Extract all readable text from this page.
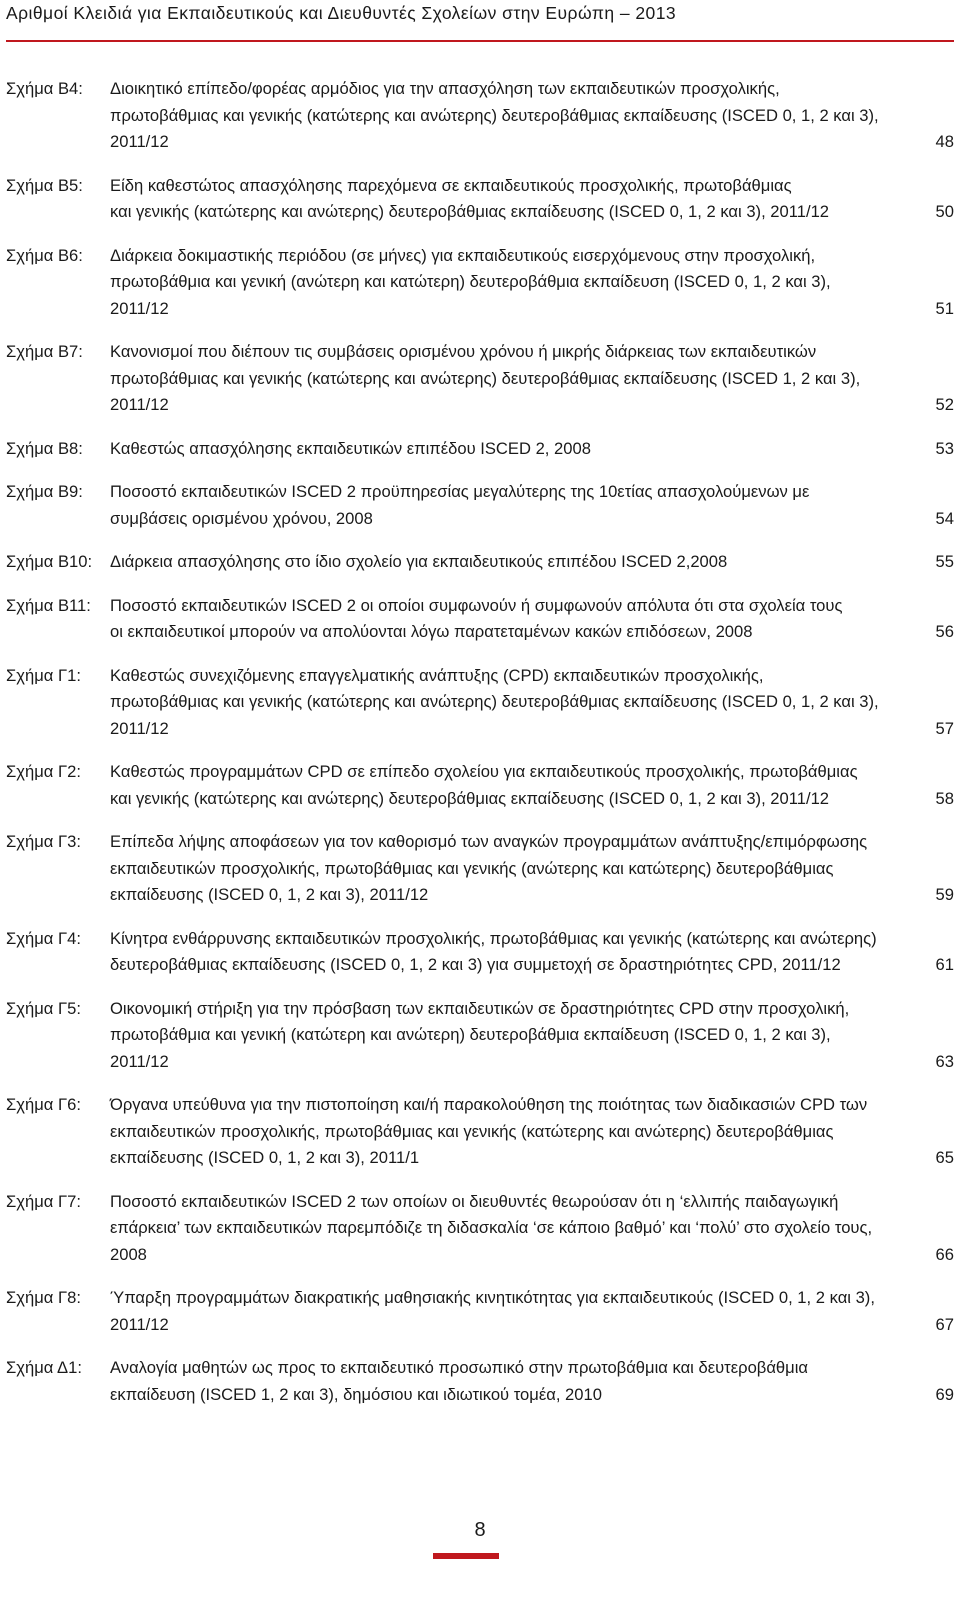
Αριθμοί Κλειδιά για Εκπαιδευτικούς και Διευθυντές Σχολείων στην Ευρώπη – 2013
Σχήμα Β4:	Διοικητικό επίπεδο/φορέας αρμόδιος για την απασχόληση των εκπαιδευτικών προσχολικής,
πρωτοβάθμιας και γενικής (κατώτερης και ανώτερης) δευτεροβάθμιας εκπαίδευσης (ISCED 0, 1, 2 και 3),
2011/12	48
Σχήμα Β5:	Είδη καθεστώτος απασχόλησης παρεχόμενα σε εκπαιδευτικούς προσχολικής, πρωτοβάθμιας
και γενικής (κατώτερης και ανώτερης) δευτεροβάθμιας εκπαίδευσης (ISCED 0, 1, 2 και 3), 2011/12	50
Σχήμα Β6:	Διάρκεια δοκιμαστικής περιόδου (σε μήνες) για εκπαιδευτικούς εισερχόμενους στην προσχολική,
πρωτοβάθμια και γενική (ανώτερη και κατώτερη) δευτεροβάθμια εκπαίδευση (ISCED 0, 1, 2 και 3),
2011/12	51
Σχήμα Β7:	Κανονισμοί που διέπουν τις συμβάσεις ορισμένου χρόνου ή μικρής διάρκειας των εκπαιδευτικών
πρωτοβάθμιας και γενικής (κατώτερης και ανώτερης) δευτεροβάθμιας εκπαίδευσης (ISCED 1, 2 και 3),
2011/12	52
Σχήμα Β8:	Καθεστώς απασχόλησης εκπαιδευτικών επιπέδου ISCED 2, 2008	53
Σχήμα Β9:	Ποσοστό εκπαιδευτικών ISCED 2 προϋπηρεσίας μεγαλύτερης της 10ετίας απασχολούμενων με
συμβάσεις ορισμένου χρόνου, 2008	54
Σχήμα Β10:	Διάρκεια απασχόλησης στο ίδιο σχολείο για εκπαιδευτικούς επιπέδου ISCED 2,2008	55
Σχήμα Β11:	Ποσοστό εκπαιδευτικών ISCED 2 οι οποίοι συμφωνούν ή συμφωνούν απόλυτα ότι στα σχολεία τους
οι εκπαιδευτικοί μπορούν να απολύονται λόγω παρατεταμένων κακών επιδόσεων, 2008	56
Σχήμα Γ1:	Καθεστώς συνεχιζόμενης επαγγελματικής ανάπτυξης (CPD) εκπαιδευτικών προσχολικής,
πρωτοβάθμιας και γενικής (κατώτερης και ανώτερης) δευτεροβάθμιας εκπαίδευσης (ISCED 0, 1, 2 και 3),
2011/12	57
Σχήμα Γ2:	Καθεστώς προγραμμάτων CPD σε επίπεδο σχολείου για εκπαιδευτικούς προσχολικής, πρωτοβάθμιας
και γενικής (κατώτερης και ανώτερης) δευτεροβάθμιας εκπαίδευσης (ISCED 0, 1, 2 και 3), 2011/12	58
Σχήμα Γ3:	Επίπεδα λήψης αποφάσεων για τον καθορισμό των αναγκών προγραμμάτων ανάπτυξης/επιμόρφωσης
εκπαιδευτικών προσχολικής, πρωτοβάθμιας και γενικής (ανώτερης και κατώτερης) δευτεροβάθμιας
εκπαίδευσης (ISCED 0, 1, 2 και 3), 2011/12	59
Σχήμα Γ4:	Κίνητρα ενθάρρυνσης εκπαιδευτικών προσχολικής, πρωτοβάθμιας και γενικής (κατώτερης και ανώτερης)
δευτεροβάθμιας εκπαίδευσης (ISCED 0, 1, 2 και 3) για συμμετοχή σε δραστηριότητες CPD, 2011/12	61
Σχήμα Γ5:	Οικονομική στήριξη για την πρόσβαση των εκπαιδευτικών σε δραστηριότητες CPD στην προσχολική,
πρωτοβάθμια και γενική (κατώτερη και ανώτερη) δευτεροβάθμια εκπαίδευση (ISCED 0, 1, 2 και 3),
2011/12	63
Σχήμα Γ6:	Όργανα υπεύθυνα για την πιστοποίηση και/ή παρακολούθηση της ποιότητας των διαδικασιών CPD των
εκπαιδευτικών προσχολικής, πρωτοβάθμιας και γενικής (κατώτερης και ανώτερης) δευτεροβάθμιας
εκπαίδευσης (ISCED 0, 1, 2 και 3), 2011/1	65
Σχήμα Γ7:	Ποσοστό εκπαιδευτικών ISCED 2 των οποίων οι διευθυντές θεωρούσαν ότι η ‘ελλιπής παιδαγωγική
επάρκεια’ των εκπαιδευτικών παρεμπόδιζε τη διδασκαλία ‘σε κάποιο βαθμό’ και ‘πολύ’ στο σχολείο τους,
2008	66
Σχήμα Γ8:	Ύπαρξη προγραμμάτων διακρατικής μαθησιακής κινητικότητας για εκπαιδευτικούς (ISCED 0, 1, 2 και 3),
2011/12	67
Σχήμα Δ1:	Αναλογία μαθητών ως προς το εκπαιδευτικό προσωπικό στην πρωτοβάθμια και δευτεροβάθμια
εκπαίδευση (ISCED 1, 2 και 3), δημόσιου και ιδιωτικού τομέα, 2010	69
8
